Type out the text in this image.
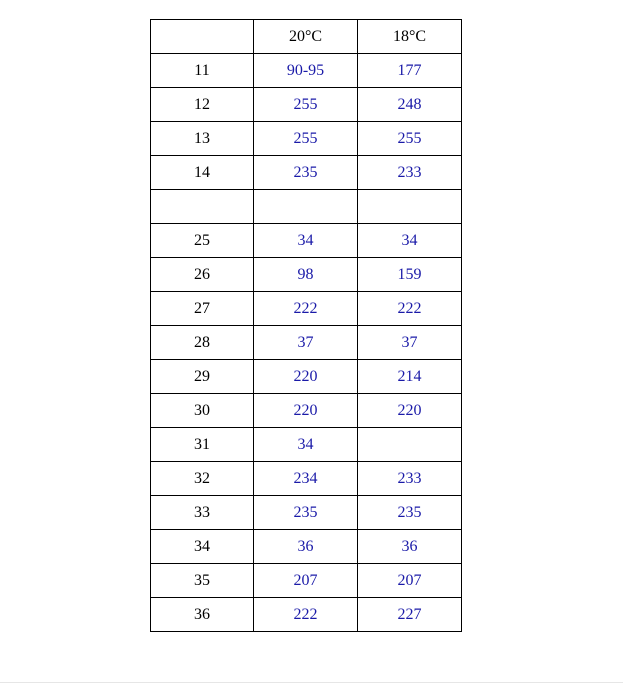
	20°C	18°C
11	90-95	177
12	255	248
13	255	255
14	235	233

25	34	34
26	98	159
27	222	222
28	37	37
29	220	214
30	220	220
31	34	
32	234	233
33	235	235
34	36	36
35	207	207
36	222	227
